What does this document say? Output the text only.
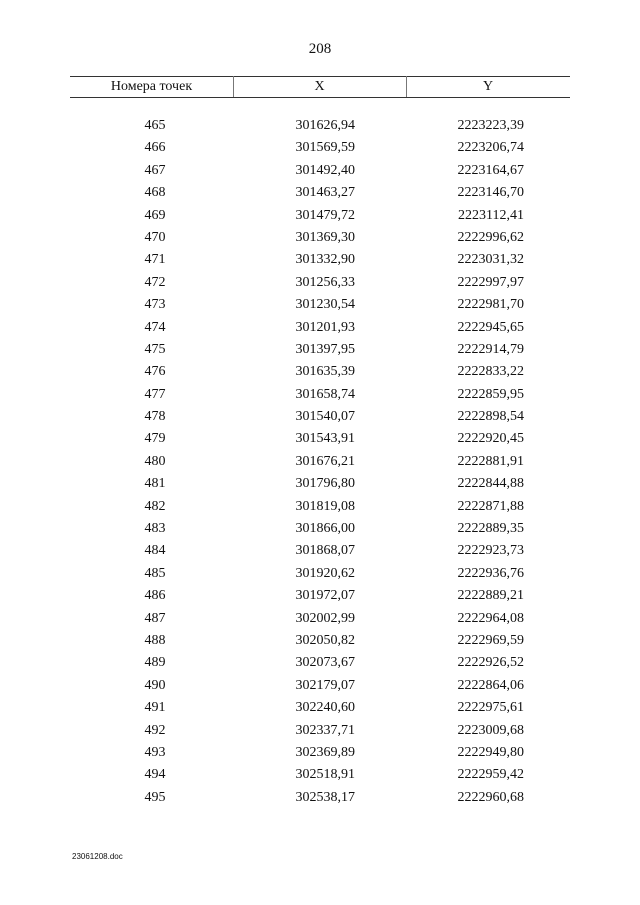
208
Номера точек	X	Y
465	301626,94	2223223,39
466	301569,59	2223206,74
467	301492,40	2223164,67
468	301463,27	2223146,70
469	301479,72	2223112,41
470	301369,30	2222996,62
471	301332,90	2223031,32
472	301256,33	2222997,97
473	301230,54	2222981,70
474	301201,93	2222945,65
475	301397,95	2222914,79
476	301635,39	2222833,22
477	301658,74	2222859,95
478	301540,07	2222898,54
479	301543,91	2222920,45
480	301676,21	2222881,91
481	301796,80	2222844,88
482	301819,08	2222871,88
483	301866,00	2222889,35
484	301868,07	2222923,73
485	301920,62	2222936,76
486	301972,07	2222889,21
487	302002,99	2222964,08
488	302050,82	2222969,59
489	302073,67	2222926,52
490	302179,07	2222864,06
491	302240,60	2222975,61
492	302337,71	2223009,68
493	302369,89	2222949,80
494	302518,91	2222959,42
495	302538,17	2222960,68
23061208.doc
